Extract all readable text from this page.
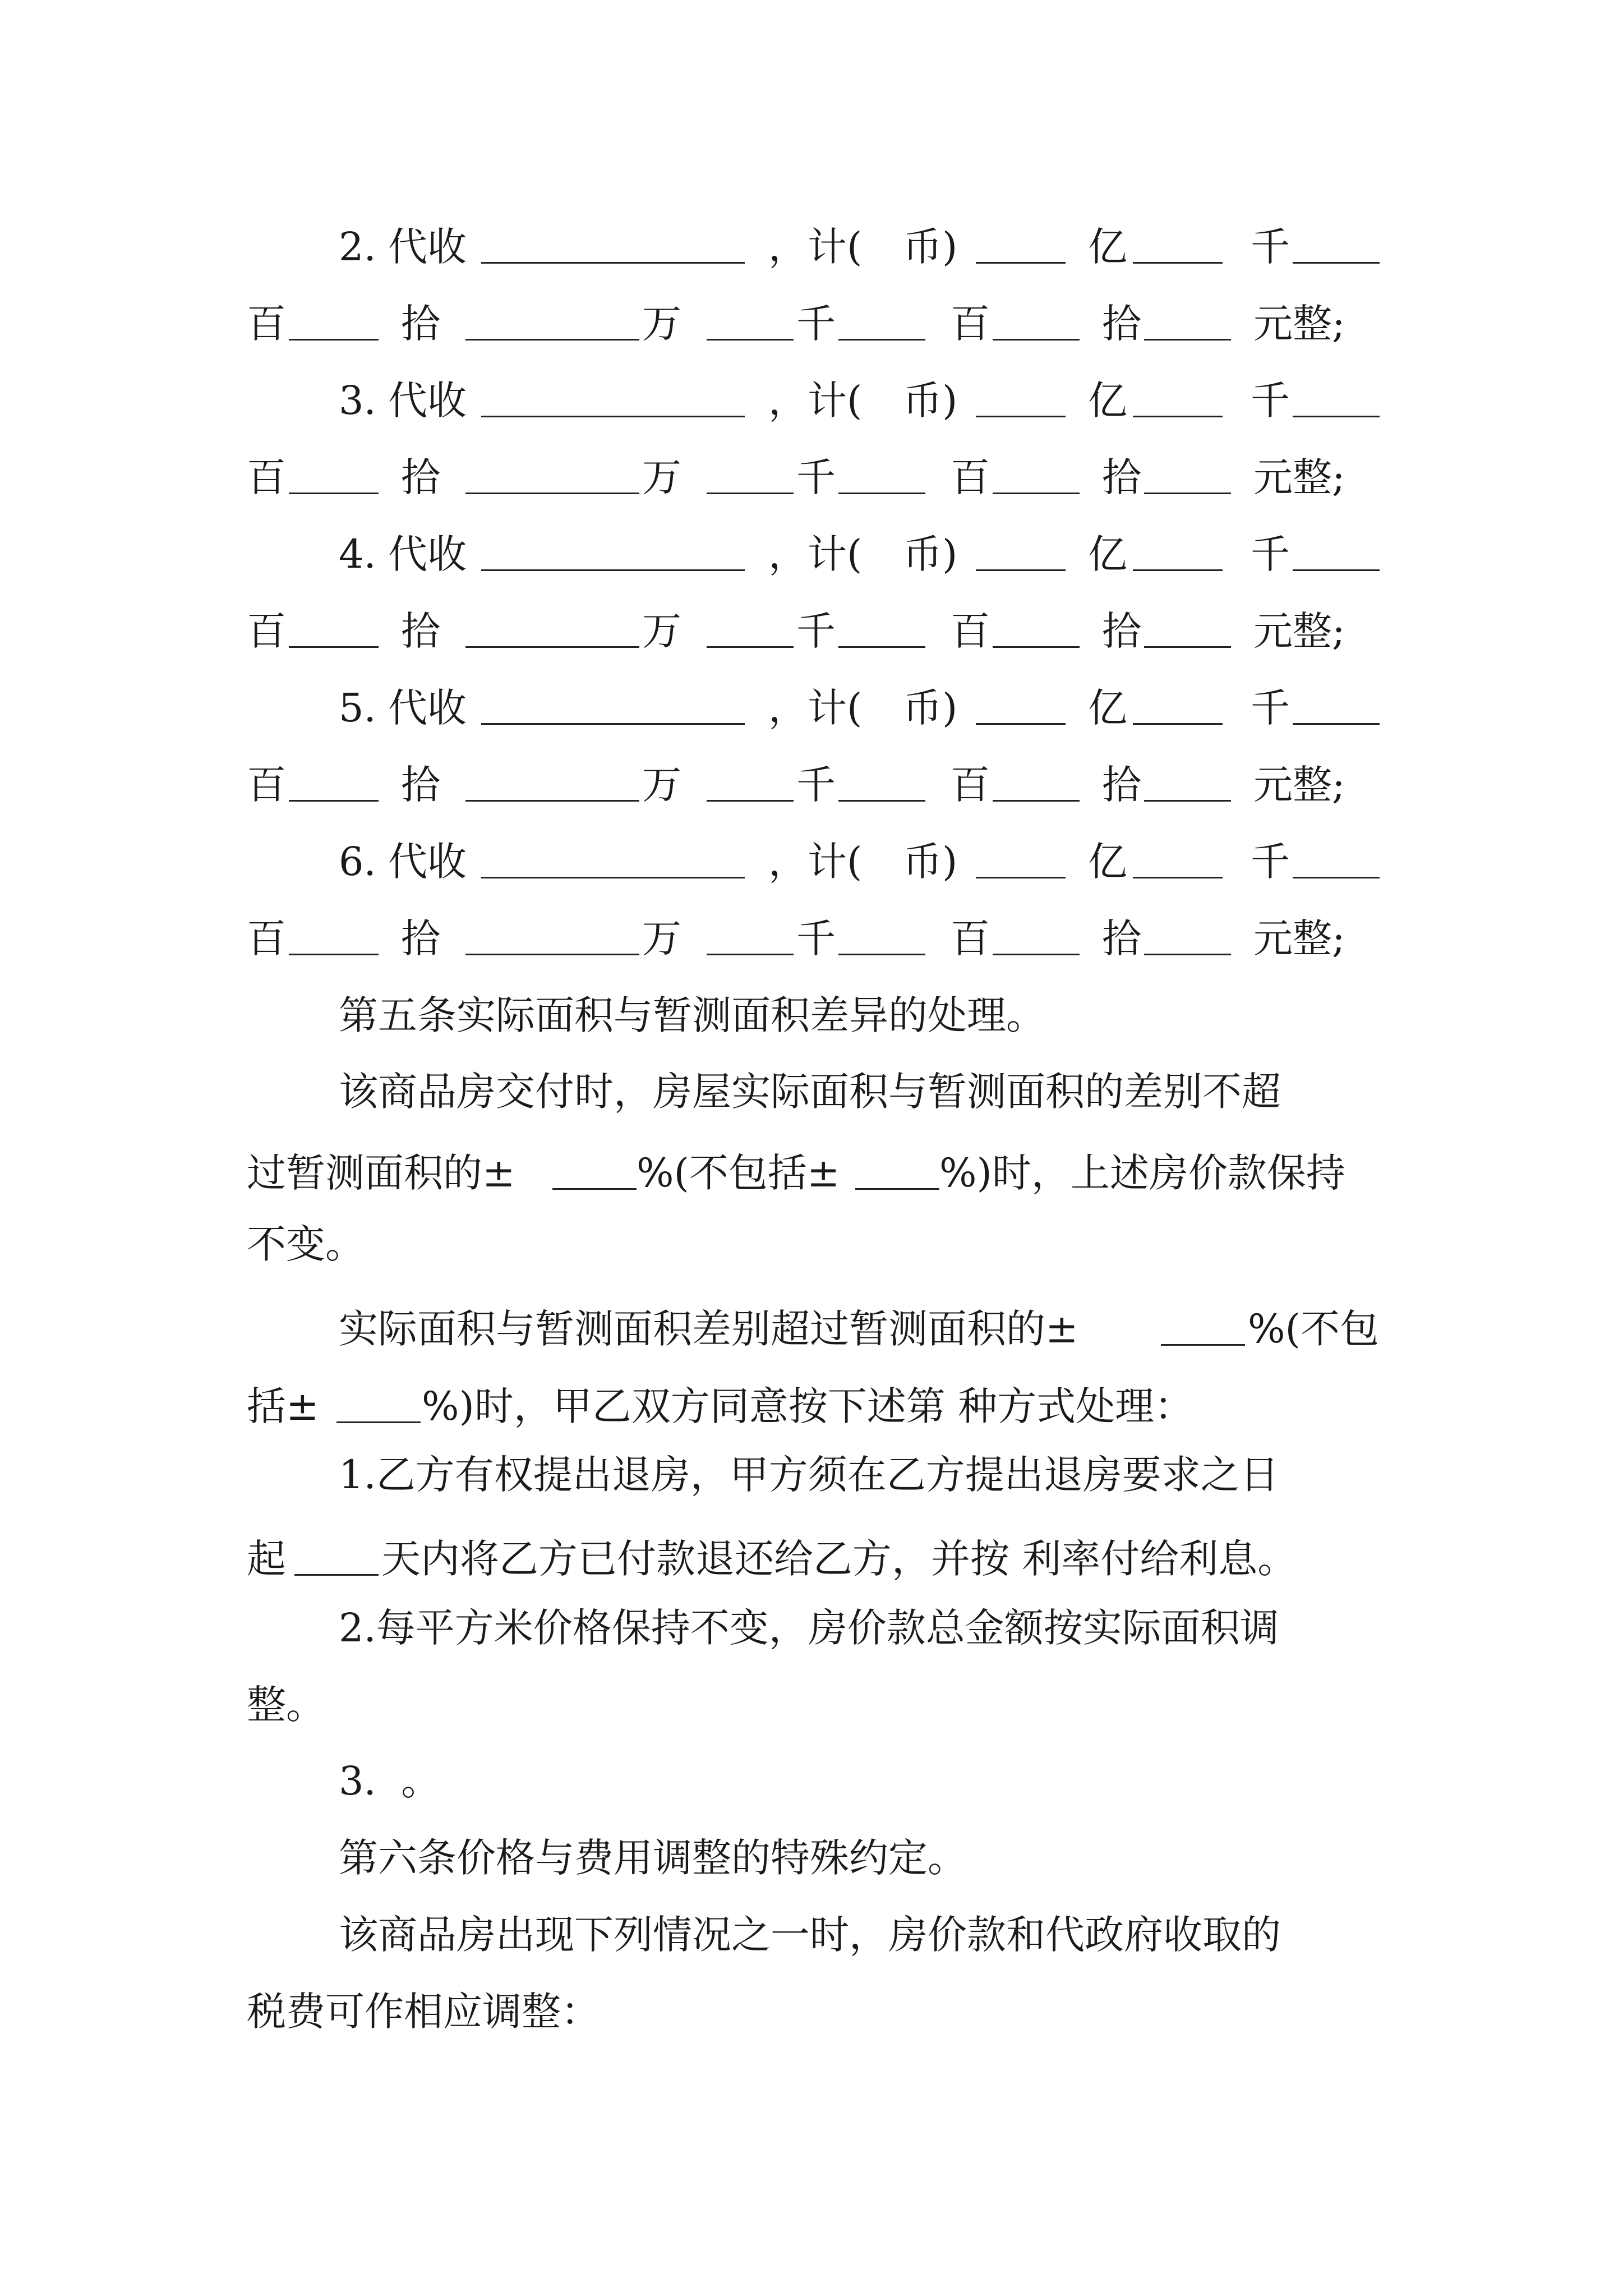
2.

代收

	，计(

币)

	亿

	千

百

	拾

	万

	千

	百

	拾

	元整;

3.

代收

	，计(

币)

	亿

	千

百

	拾

	万

	千

	百

	拾

	元整;

4.

代收

	，计(

币)

	亿

	千

百

	拾

	万

	千

	百

	拾

	元整;

5.

代收

	，计(

币)

	亿

	千

百

	拾

	万

	千

	百

	拾

	元整;

6.

代收

	，计(

币)

	亿

	千

百

	拾

	万

	千

	百

	拾

	元整;

第五条实际面积与暂测面积差异的处理。
该商品房交付时，房屋实际面积与暂测面积的差别不超

过暂测面积的±

	%(不包括±

	%)时，上述房价款保持

不变。

实际面积与暂测面积差别超过暂测面积的±

	%(不包

括±

	%)时，甲乙双方同意按下述第 种方式处理：

1.乙方有权提出退房，甲方须在乙方提出退房要求之日

起

天内将乙方已付款退还给乙方，并按 利率付给利息。

2.每平方米价格保持不变，房价款总金额按实际面积调
整。
3.  。
第六条价格与费用调整的特殊约定。
该商品房出现下列情况之一时，房价款和代政府收取的
税费可作相应调整：
